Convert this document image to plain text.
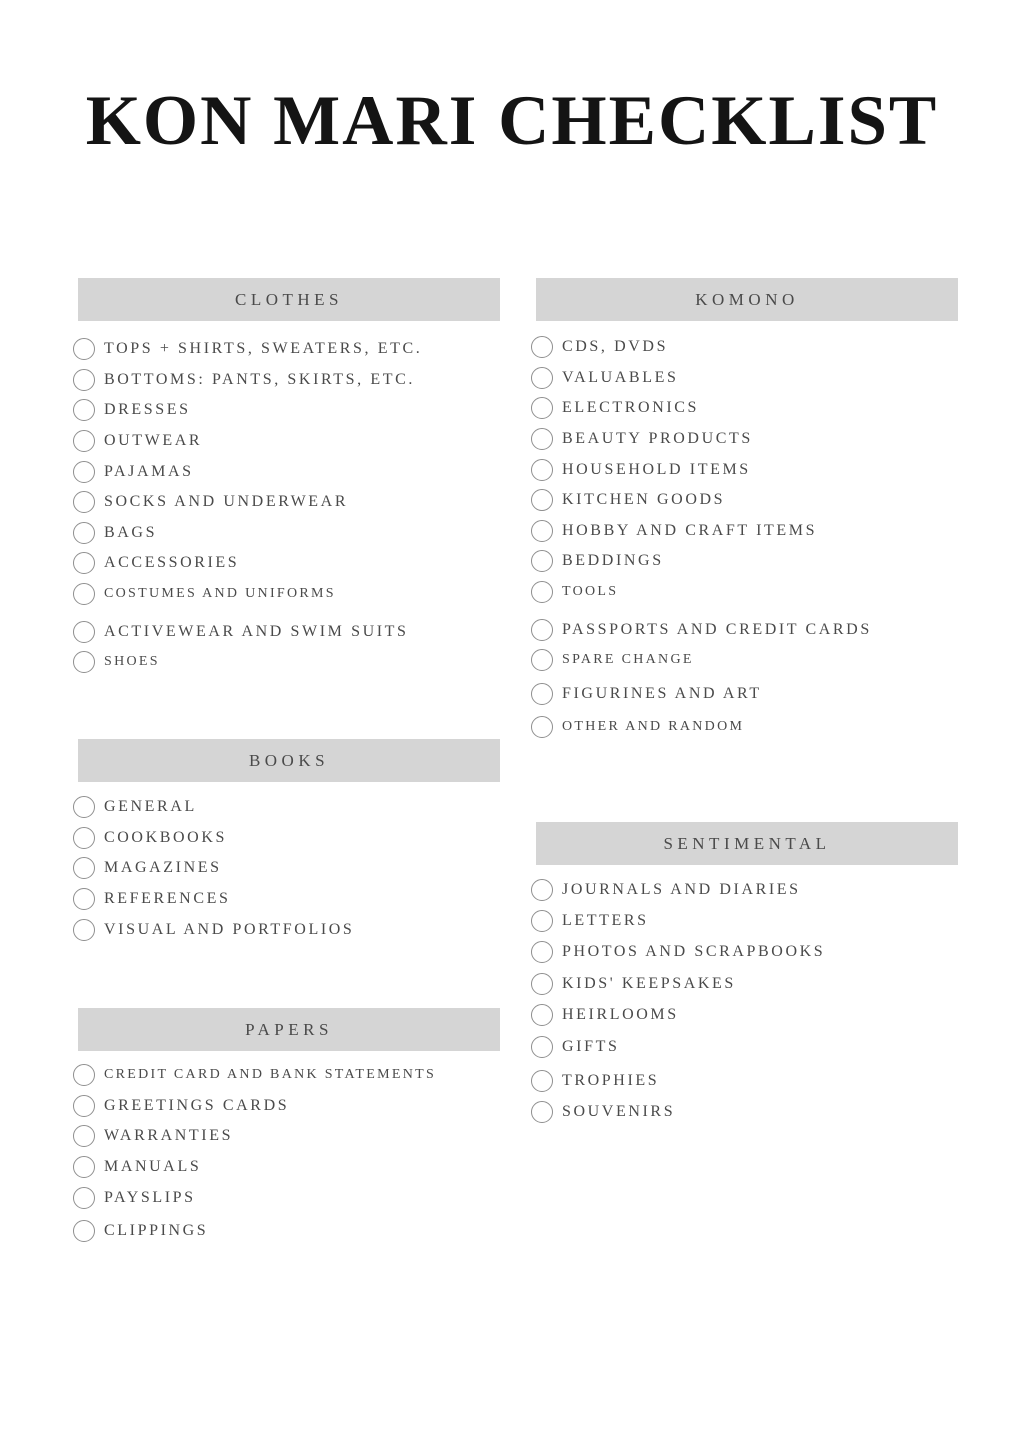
KON MARI CHECKLIST
CLOTHES
TOPS + SHIRTS, SWEATERS, ETC.
BOTTOMS: PANTS, SKIRTS, ETC.
DRESSES
OUTWEAR
PAJAMAS
SOCKS AND UNDERWEAR
BAGS
ACCESSORIES
COSTUMES AND UNIFORMS
ACTIVEWEAR AND SWIM SUITS
SHOES
KOMONO
CDS, DVDS
VALUABLES
ELECTRONICS
BEAUTY PRODUCTS
HOUSEHOLD ITEMS
KITCHEN GOODS
HOBBY AND CRAFT ITEMS
BEDDINGS
TOOLS
PASSPORTS AND CREDIT CARDS
SPARE CHANGE
FIGURINES AND ART
OTHER AND RANDOM
BOOKS
GENERAL
COOKBOOKS
MAGAZINES
REFERENCES
VISUAL AND PORTFOLIOS
PAPERS
CREDIT CARD AND BANK STATEMENTS
GREETINGS CARDS
WARRANTIES
MANUALS
PAYSLIPS
CLIPPINGS
SENTIMENTAL
JOURNALS AND DIARIES
LETTERS
PHOTOS AND SCRAPBOOKS
KIDS' KEEPSAKES
HEIRLOOMS
GIFTS
TROPHIES
SOUVENIRS
